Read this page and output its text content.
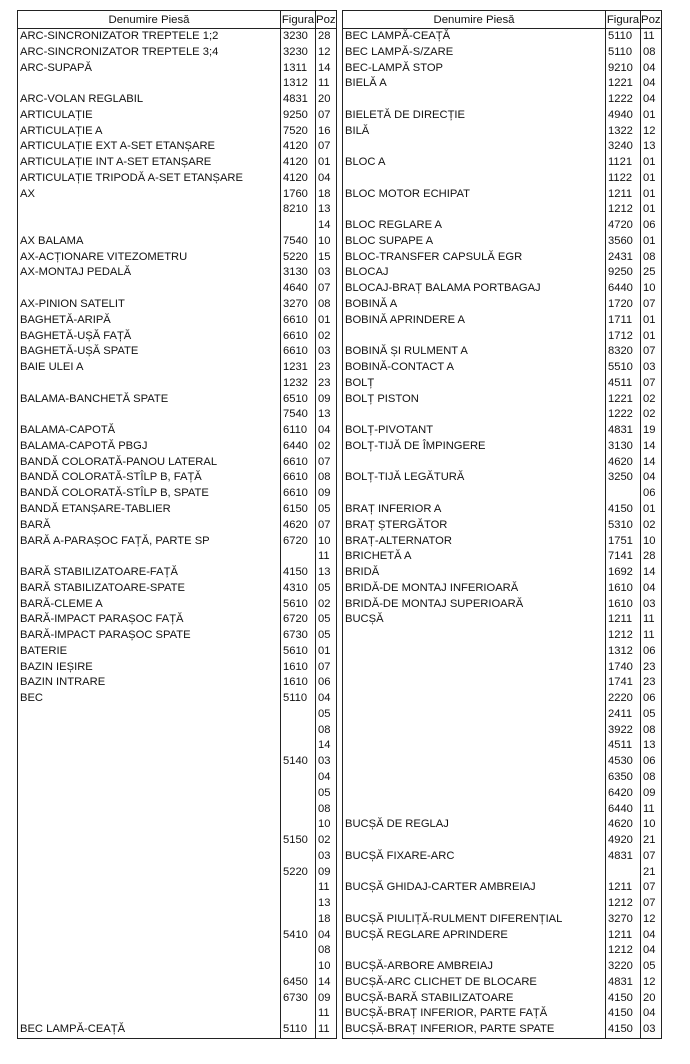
Denumire Piesă	Figura	Poz
ARC-SINCRONIZATOR TREPTELE 1;2	3230	28
ARC-SINCRONIZATOR TREPTELE 3;4	3230	12
ARC-SUPAPĂ	1311	14
	1312	11
ARC-VOLAN REGLABIL	4831	20
ARTICULAȚIE	9250	07
ARTICULAȚIE A	7520	16
ARTICULAȚIE EXT A-SET ETANȘARE	4120	07
ARTICULAȚIE INT A-SET ETANȘARE	4120	01
ARTICULAȚIE TRIPODĂ A-SET ETANȘARE	4120	04
AX	1760	18
	8210	13
		14
AX BALAMA	7540	10
AX-ACȚIONARE VITEZOMETRU	5220	15
AX-MONTAJ PEDALĂ	3130	03
	4640	07
AX-PINION SATELIT	3270	08
BAGHETĂ-ARIPĂ	6610	01
BAGHETĂ-UȘĂ FAȚĂ	6610	02
BAGHETĂ-UȘĂ SPATE	6610	03
BAIE ULEI A	1231	23
	1232	23
BALAMA-BANCHETĂ SPATE	6510	09
	7540	13
BALAMA-CAPOTĂ	6110	04
BALAMA-CAPOTĂ PBGJ	6440	02
BANDĂ COLORATĂ-PANOU LATERAL	6610	07
BANDĂ COLORATĂ-STÎLP B, FAȚĂ	6610	08
BANDĂ COLORATĂ-STÎLP B, SPATE	6610	09
BANDĂ ETANȘARE-TABLIER	6150	05
BARĂ	4620	07
BARĂ A-PARAȘOC FAȚĂ, PARTE SP	6720	10
		11
BARĂ STABILIZATOARE-FAȚĂ	4150	13
BARĂ STABILIZATOARE-SPATE	4310	05
BARĂ-CLEME A	5610	02
BARĂ-IMPACT PARAȘOC FAȚĂ	6720	05
BARĂ-IMPACT PARAȘOC SPATE	6730	05
BATERIE	5610	01
BAZIN IEȘIRE	1610	07
BAZIN INTRARE	1610	06
BEC	5110	04
		05
		08
		14
	5140	03
		04
		05
		08
		10
	5150	02
		03
	5220	09
		11
		13
		18
	5410	04
		08
		10
	6450	14
	6730	09
		11
BEC LAMPĂ-CEAȚĂ	5110	11
Denumire Piesă	Figura	Poz
BEC LAMPĂ-CEAȚĂ	5110	11
BEC LAMPĂ-S/ZARE	5110	08
BEC-LAMPĂ STOP	9210	04
BIELĂ A	1221	04
	1222	04
BIELETĂ DE DIRECȚIE	4940	01
BILĂ	1322	12
	3240	13
BLOC A	1121	01
	1122	01
BLOC MOTOR ECHIPAT	1211	01
	1212	01
BLOC REGLARE A	4720	06
BLOC SUPAPE A	3560	01
BLOC-TRANSFER CAPSULĂ EGR	2431	08
BLOCAJ	9250	25
BLOCAJ-BRAȚ BALAMA PORTBAGAJ	6440	10
BOBINĂ A	1720	07
BOBINĂ APRINDERE A	1711	01
	1712	01
BOBINĂ ȘI RULMENT A	8320	07
BOBINĂ-CONTACT A	5510	03
BOLȚ	4511	07
BOLȚ PISTON	1221	02
	1222	02
BOLȚ-PIVOTANT	4831	19
BOLȚ-TIJĂ DE ÎMPINGERE	3130	14
	4620	14
BOLȚ-TIJĂ LEGĂTURĂ	3250	04
		06
BRAȚ INFERIOR A	4150	01
BRAȚ ȘTERGĂTOR	5310	02
BRAȚ-ALTERNATOR	1751	10
BRICHETĂ A	7141	28
BRIDĂ	1692	14
BRIDĂ-DE MONTAJ INFERIOARĂ	1610	04
BRIDĂ-DE MONTAJ SUPERIOARĂ	1610	03
BUCȘĂ	1211	11
	1212	11
	1312	06
	1740	23
	1741	23
	2220	06
	2411	05
	3922	08
	4511	13
	4530	06
	6350	08
	6420	09
	6440	11
BUCȘĂ DE REGLAJ	4620	10
	4920	21
BUCȘĂ FIXARE-ARC	4831	07
		21
BUCȘĂ GHIDAJ-CARTER AMBREIAJ	1211	07
	1212	07
BUCȘĂ PIULIȚĂ-RULMENT DIFERENȚIAL	3270	12
BUCȘĂ REGLARE APRINDERE	1211	04
	1212	04
BUCȘĂ-ARBORE AMBREIAJ	3220	05
BUCȘĂ-ARC CLICHET DE BLOCARE	4831	12
BUCȘĂ-BARĂ STABILIZATOARE	4150	20
BUCȘĂ-BRAȚ INFERIOR, PARTE FAȚĂ	4150	04
BUCȘĂ-BRAȚ INFERIOR, PARTE SPATE	4150	03
